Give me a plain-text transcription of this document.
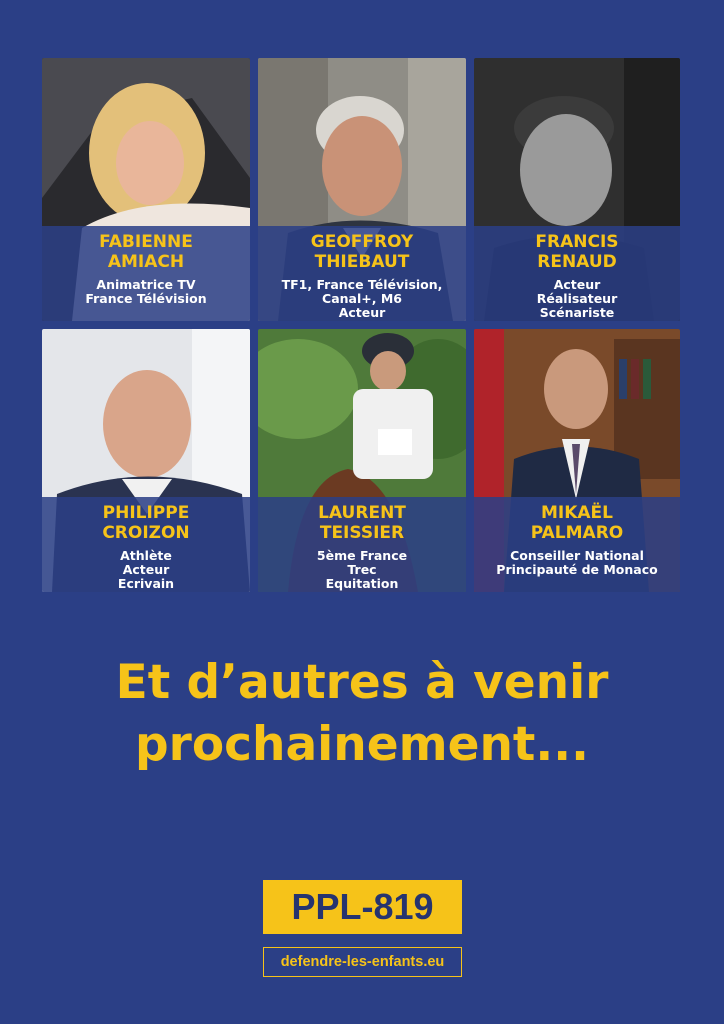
FABIENNE
AMIACH
Animatrice TV
France Télévision
GEOFFROY
THIEBAUT
TF1, France Télévision,
Canal+, M6
Acteur
FRANCIS
RENAUD
Acteur
Réalisateur
Scénariste
PHILIPPE
CROIZON
Athlète
Acteur
Ecrivain
LAURENT
TEISSIER
5ème France
Trec
Equitation
MIKAËL
PALMARO
Conseiller National
Principauté de Monaco
Et d’autres à venir
prochainement...
PPL-819
defendre-les-enfants.eu
